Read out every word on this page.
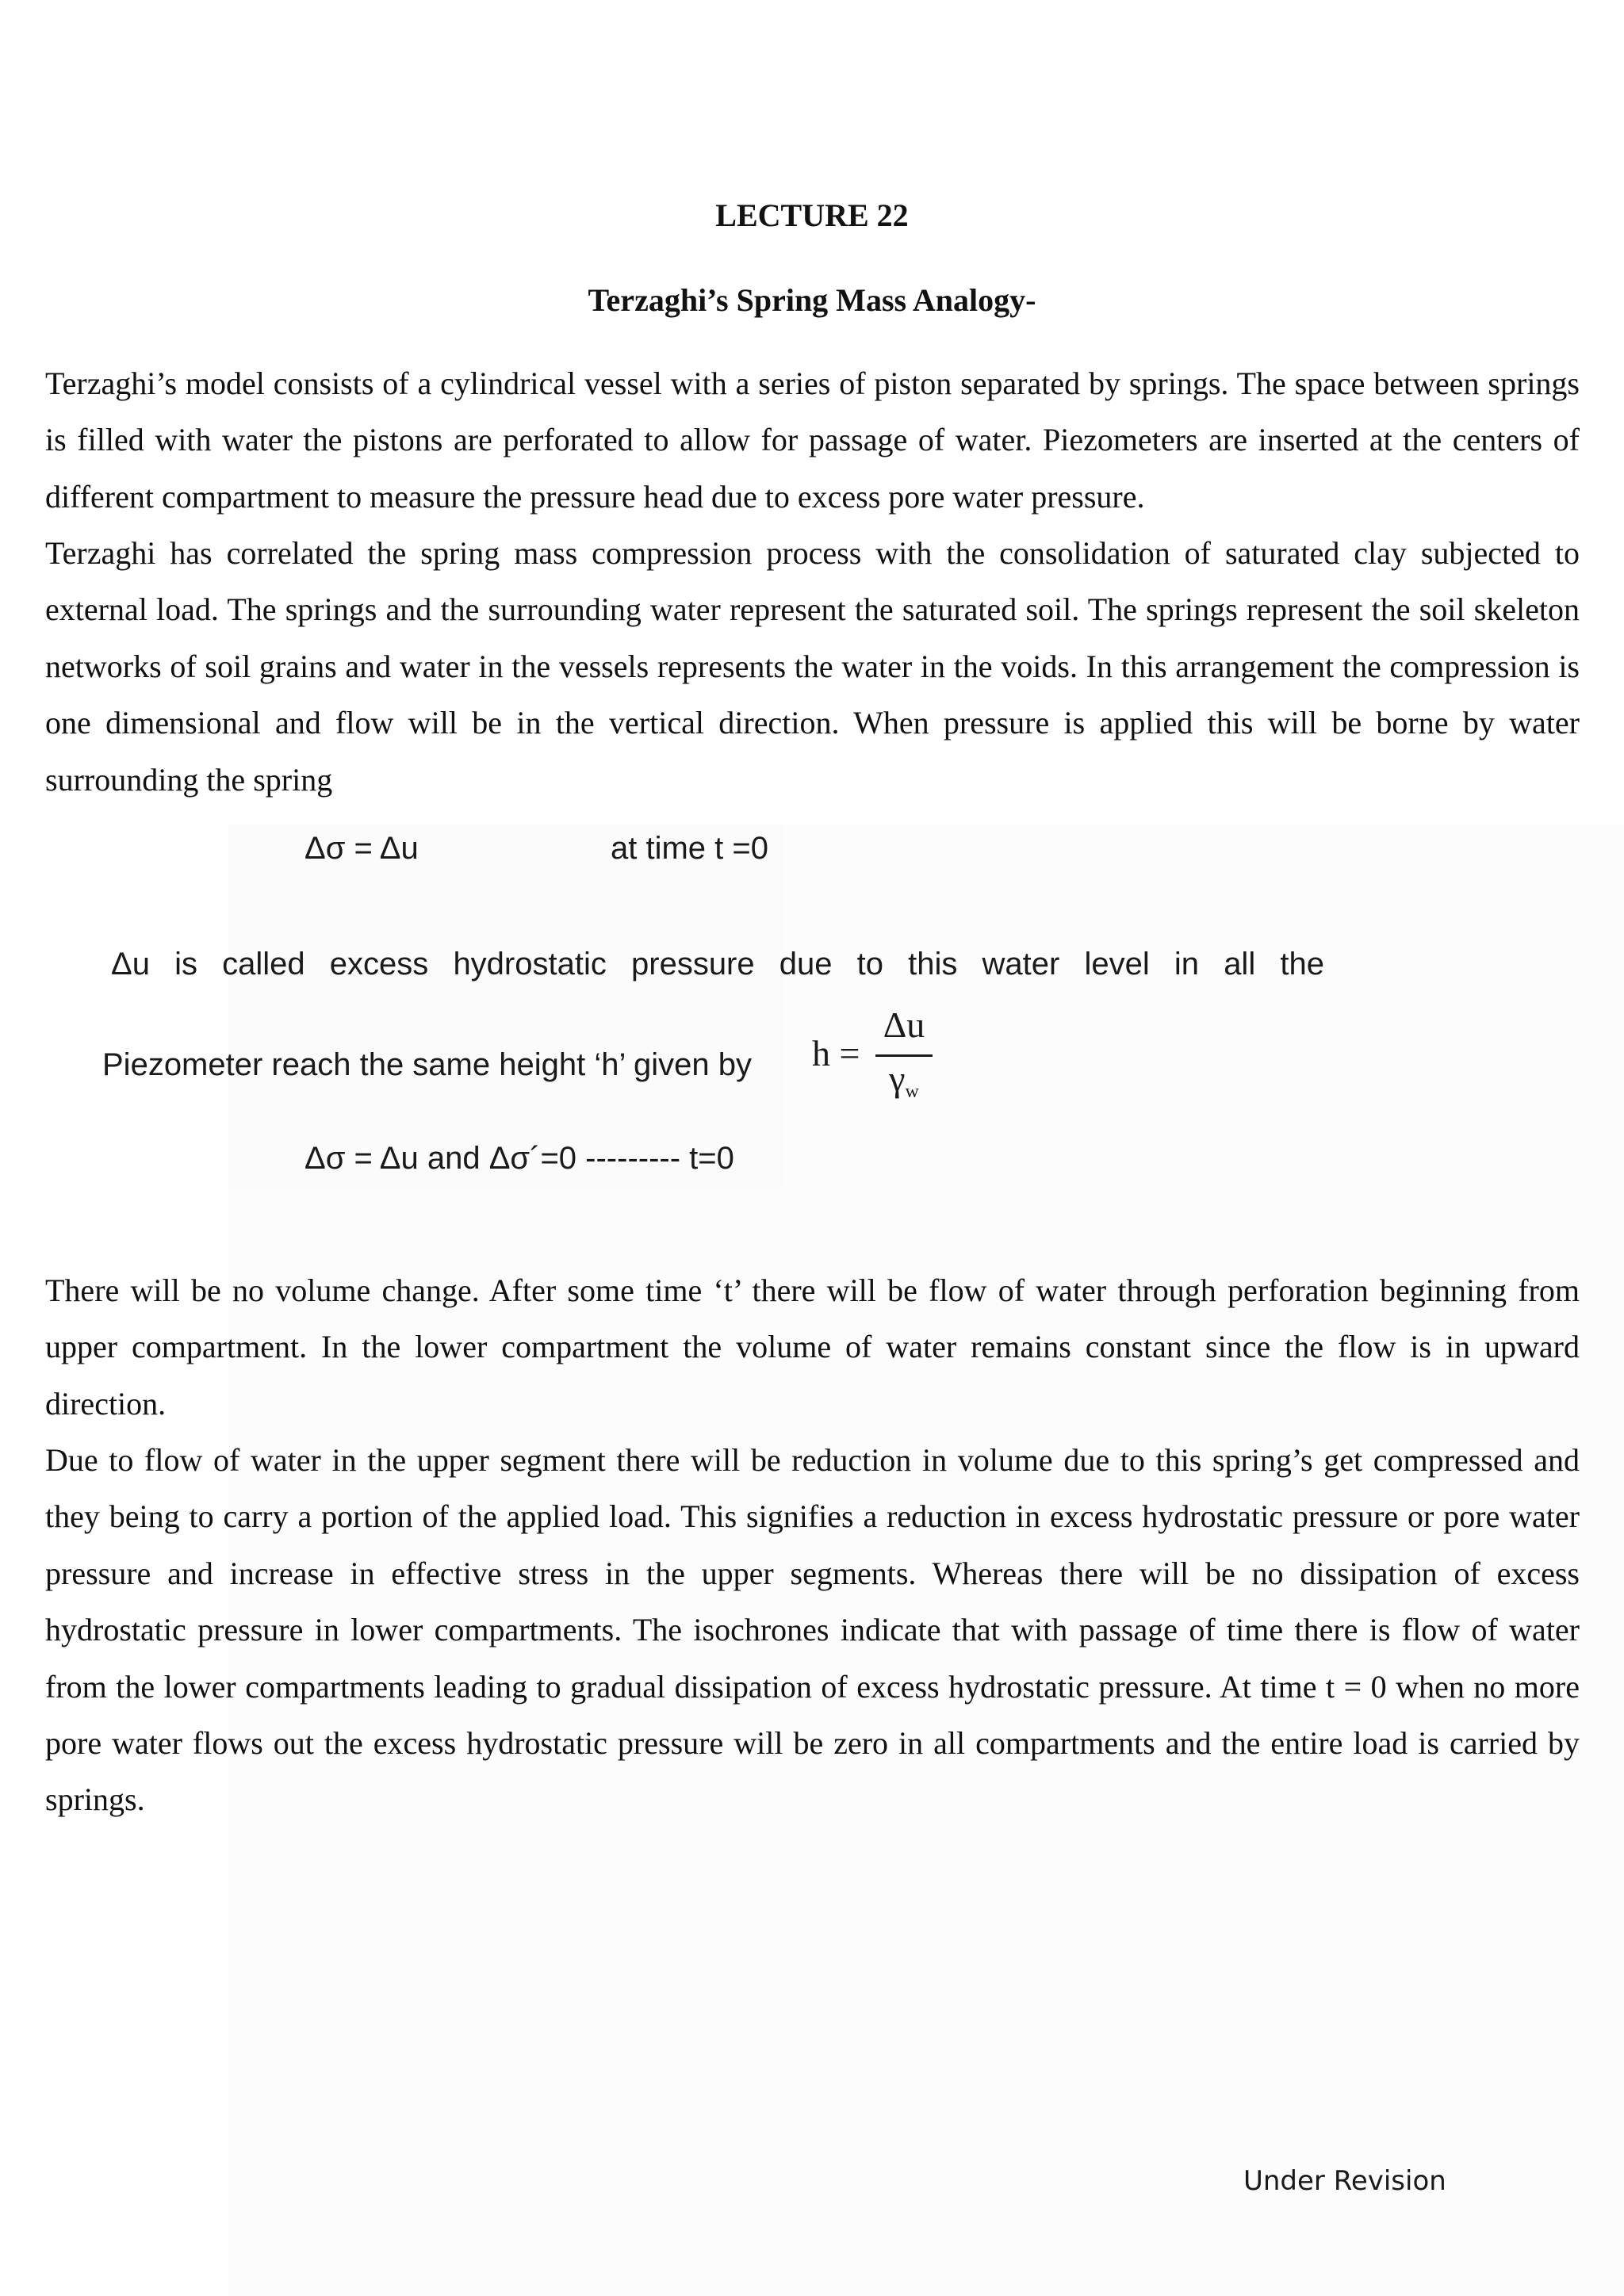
LECTURE 22
Terzaghi’s Spring Mass Analogy-

Terzaghi’s model consists of a cylindrical vessel with a series of piston separated by springs. The space between springs is filled with water the pistons are perforated to allow for passage of water. Piezometers are inserted at the centers of different compartment to measure the pressure head due to excess pore water pressure.

Terzaghi has correlated the spring mass compression process with the consolidation of saturated clay subjected to external load. The springs and the surrounding water represent the saturated soil. The springs represent the soil skeleton networks of soil grains and water in the vessels represents the water in the voids. In this arrangement the compression is one dimensional and flow will be in the vertical direction. When pressure is applied this will be borne by water surrounding the spring

Δσ = Δu	at time t =0

Δu is called excess hydrostatic pressure due to this water level in all the

Piezometer reach the same height ‘h’ given by h =
Δu
$\gamma_w$

Δσ = Δu and Δσ´=0 --------- t=0

There will be no volume change. After some time ‘t’ there will be flow of water through perforation beginning from upper compartment. In the lower compartment the volume of water remains constant since the flow is in upward direction.

Due to flow of water in the upper segment there will be reduction in volume due to this spring’s get compressed and they being to carry a portion of the applied load. This signifies a reduction in excess hydrostatic pressure or pore water pressure and increase in effective stress in the upper segments. Whereas there will be no dissipation of excess hydrostatic pressure in lower compartments. The isochrones indicate that with passage of time there is flow of water from the lower compartments leading to gradual dissipation of excess hydrostatic pressure. At time t = 0 when no more pore water flows out the excess hydrostatic pressure will be zero in all compartments and the entire load is carried by springs.

Under Revision
